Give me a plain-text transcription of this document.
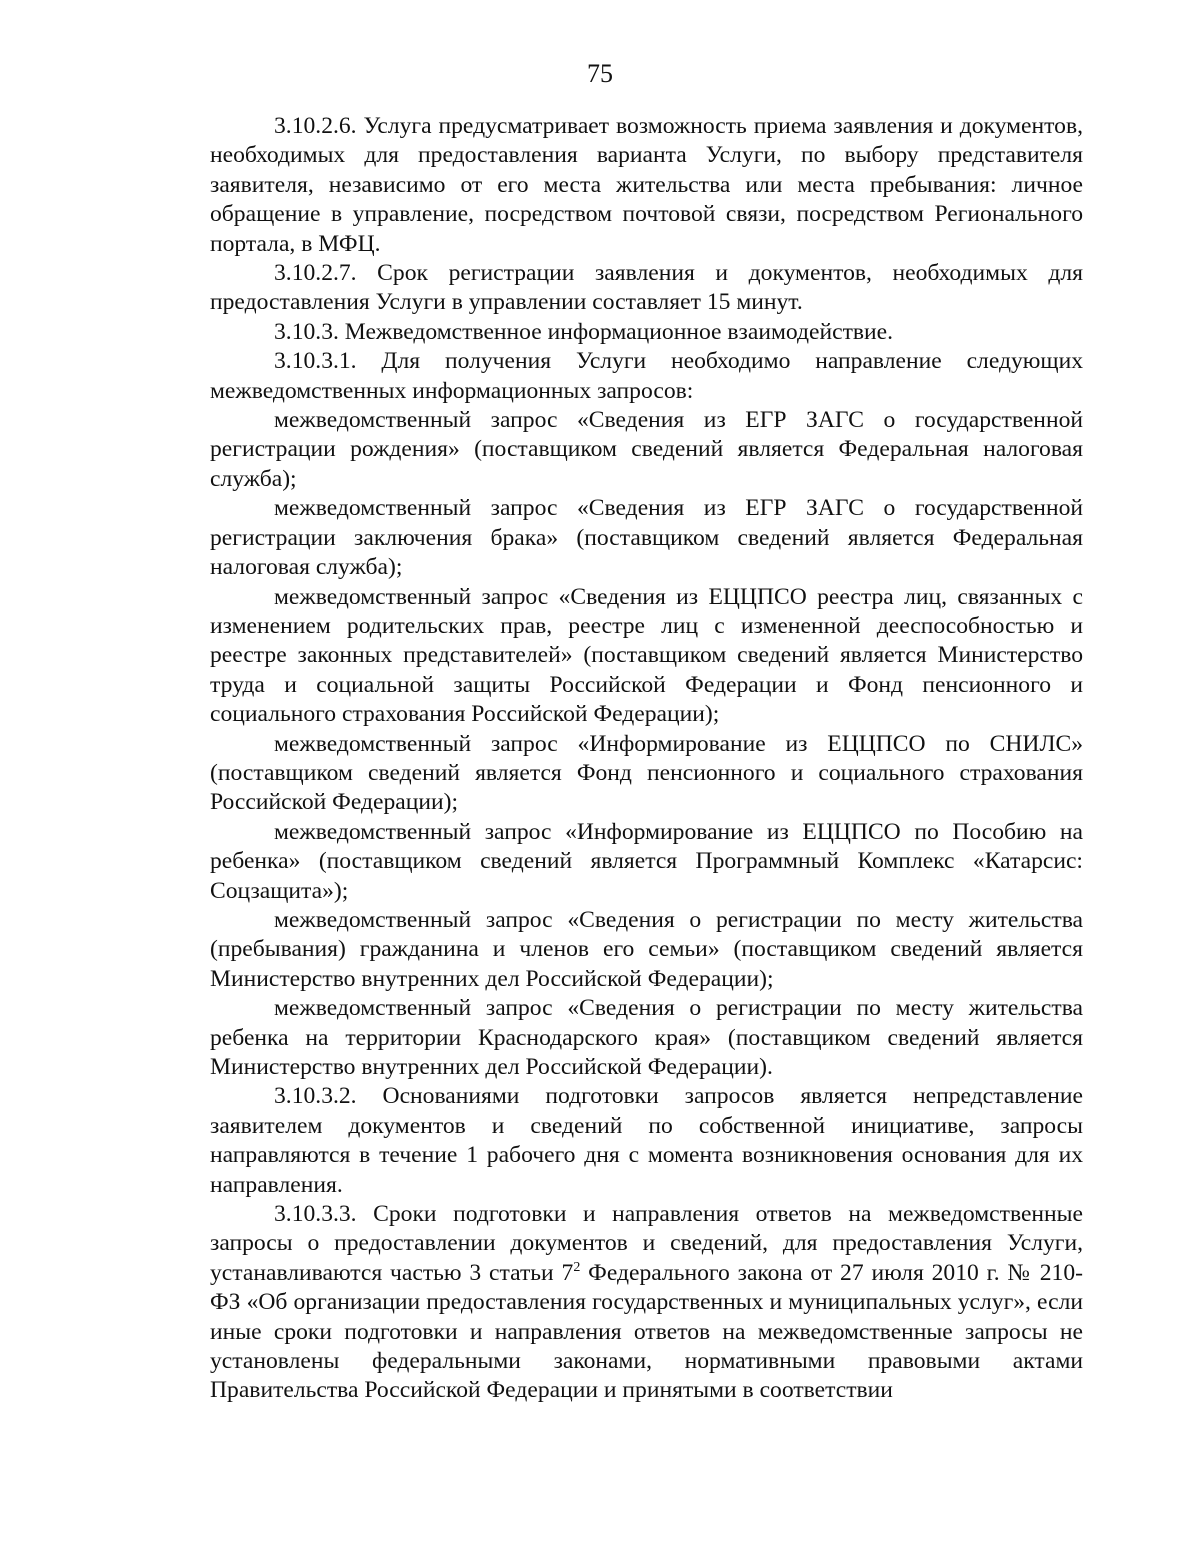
75

3.10.2.6. Услуга предусматривает возможность приема заявления и документов, необходимых для предоставления варианта Услуги, по выбору представителя заявителя, независимо от его места жительства или места пребывания: личное обращение в управление, посредством почтовой связи, посредством Регионального портала, в МФЦ.

3.10.2.7. Срок регистрации заявления и документов, необходимых для предоставления Услуги в управлении составляет 15 минут.

3.10.3. Межведомственное информационное взаимодействие.

3.10.3.1. Для получения Услуги необходимо направление следующих межведомственных информационных запросов:

межведомственный запрос «Сведения из ЕГР ЗАГС о государственной регистрации рождения» (поставщиком сведений является Федеральная налоговая служба);

межведомственный запрос «Сведения из ЕГР ЗАГС о государственной регистрации заключения брака» (поставщиком сведений является Федеральная налоговая служба);

межведомственный запрос «Сведения из ЕЦЦПСО реестра лиц, связанных с изменением родительских прав, реестре лиц с измененной дееспособностью и реестре законных представителей» (поставщиком сведений является Министерство труда и социальной защиты Российской Федерации и Фонд пенсионного и социального страхования Российской Федерации);

межведомственный запрос «Информирование из ЕЦЦПСО по СНИЛС» (поставщиком сведений является Фонд пенсионного и социального страхования Российской Федерации);

межведомственный запрос «Информирование из ЕЦЦПСО по Пособию на ребенка» (поставщиком сведений является Программный Комплекс «Катарсис: Соцзащита»);

межведомственный запрос «Сведения о регистрации по месту жительства (пребывания) гражданина и членов его семьи» (поставщиком сведений является Министерство внутренних дел Российской Федерации);

межведомственный запрос «Сведения о регистрации по месту жительства ребенка на территории Краснодарского края» (поставщиком сведений является Министерство внутренних дел Российской Федерации).

3.10.3.2. Основаниями подготовки запросов является непредставление заявителем документов и сведений по собственной инициативе, запросы направляются в течение 1 рабочего дня с момента возникновения основания для их направления.

3.10.3.3. Сроки подготовки и направления ответов на межведомственные запросы о предоставлении документов и сведений, для предоставления Услуги, устанавливаются частью 3 статьи $7^2$ Федерального закона от 27 июля 2010 г. № 210-ФЗ «Об организации предоставления государственных и муниципальных услуг», если иные сроки подготовки и направления ответов на межведомственные запросы не установлены федеральными законами, нормативными правовыми актами Правительства Российской Федерации и принятыми в соответствии
